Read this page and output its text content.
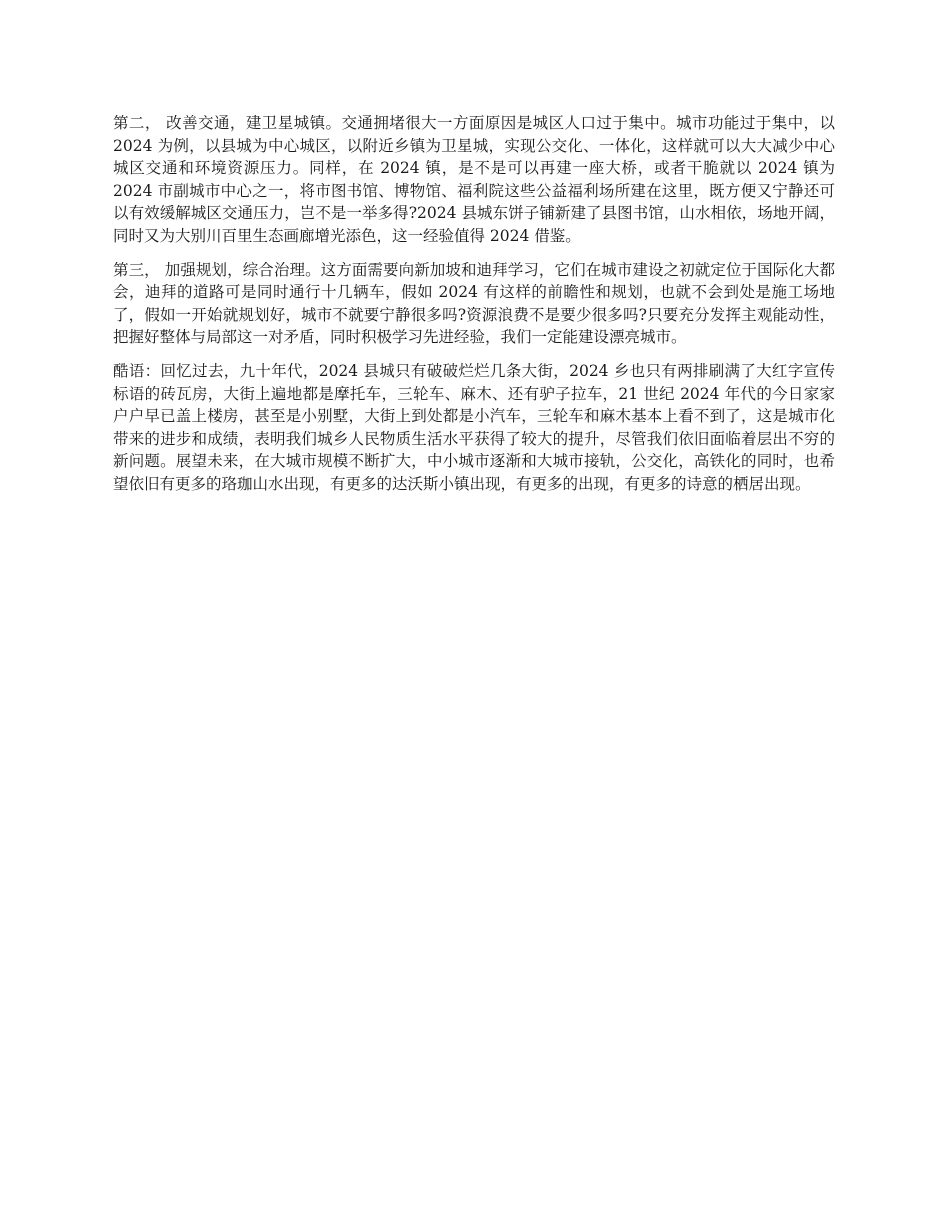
第二， 改善交通，建卫星城镇。交通拥堵很大一方面原因是城区人口过于集中。城市功能过于集中，以 2024 为例，以县城为中心城区，以附近乡镇为卫星城，实现公交化、一体化，这样就可以大大减少中心城区交通和环境资源压力。同样，在 2024 镇，是不是可以再建一座大桥，或者干脆就以 2024 镇为 2024 市副城市中心之一，将市图书馆、博物馆、福利院这些公益福利场所建在这里，既方便又宁静还可以有效缓解城区交通压力，岂不是一举多得?2024 县城东饼子铺新建了县图书馆，山水相依，场地开阔，同时又为大别川百里生态画廊增光添色，这一经验值得 2024 借鉴。

第三， 加强规划，综合治理。这方面需要向新加坡和迪拜学习，它们在城市建设之初就定位于国际化大都会，迪拜的道路可是同时通行十几辆车，假如 2024 有这样的前瞻性和规划，也就不会到处是施工场地了，假如一开始就规划好，城市不就要宁静很多吗?资源浪费不是要少很多吗?只要充分发挥主观能动性，把握好整体与局部这一对矛盾，同时积极学习先进经验，我们一定能建设漂亮城市。

酷语：回忆过去，九十年代，2024 县城只有破破烂烂几条大街，2024 乡也只有两排刷满了大红字宣传标语的砖瓦房，大街上遍地都是摩托车，三轮车、麻木、还有驴子拉车，21 世纪 2024 年代的今日家家户户早已盖上楼房，甚至是小别墅，大街上到处都是小汽车，三轮车和麻木基本上看不到了，这是城市化带来的进步和成绩，表明我们城乡人民物质生活水平获得了较大的提升，尽管我们依旧面临着层出不穷的新问题。展望未来，在大城市规模不断扩大，中小城市逐渐和大城市接轨，公交化，高铁化的同时，也希望依旧有更多的珞珈山水出现，有更多的达沃斯小镇出现，有更多的出现，有更多的诗意的栖居出现。
